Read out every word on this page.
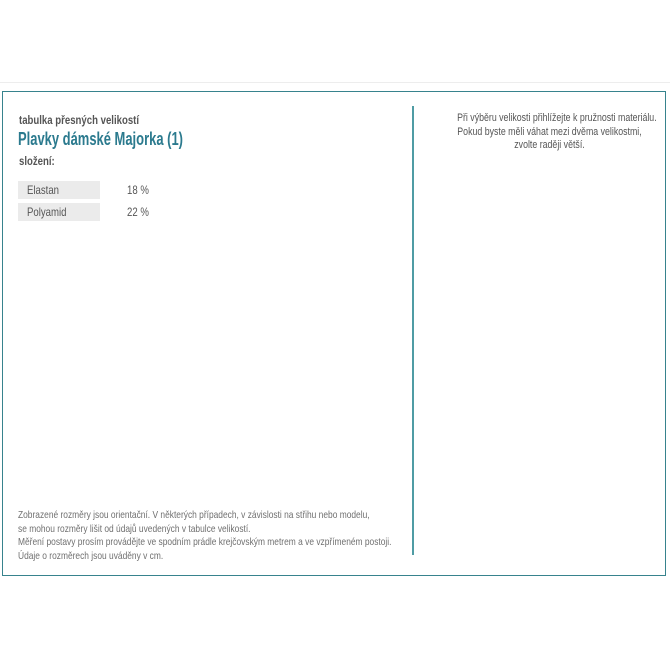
tabulka přesných velikostí
Plavky dámské Majorka (1)
složení:
Elastan	18 %
Polyamid	22 %
Zobrazené rozměry jsou orientační. V některých případech, v závislosti na střihu nebo modelu,
se mohou rozměry lišit od údajů uvedených v tabulce velikostí.
Měření postavy prosím provádějte ve spodním prádle krejčovským metrem a ve vzpřímeném postoji.
Údaje o rozměrech jsou uváděny v cm.
Při výběru velikosti přihlížejte k pružnosti materiálu.
Pokud byste měli váhat mezi dvěma velikostmi,
zvolte raději větší.
